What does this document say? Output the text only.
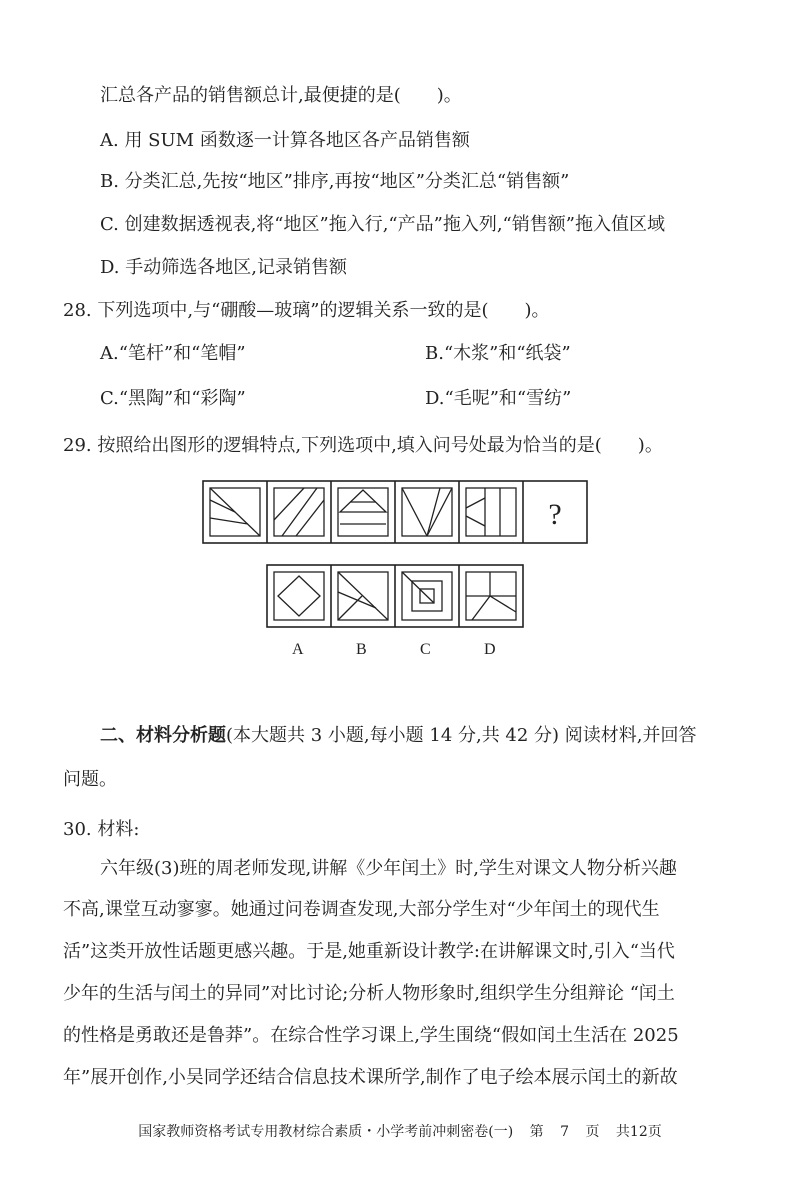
汇总各产品的销售额总计,最便捷的是(　　)。
A. 用 SUM 函数逐一计算各地区各产品销售额
B. 分类汇总,先按“地区”排序,再按“地区”分类汇总“销售额”
C. 创建数据透视表,将“地区”拖入行,“产品”拖入列,“销售额”拖入值区域
D. 手动筛选各地区,记录销售额
28. 下列选项中,与“硼酸—玻璃”的逻辑关系一致的是(　　)。
A.“笔杆”和“笔帽”	B.“木浆”和“纸袋”
C.“黑陶”和“彩陶”	D.“毛呢”和“雪纺”
29. 按照给出图形的逻辑特点,下列选项中,填入问号处最为恰当的是(　　)。
?
A	B	C	D
二、材料分析题(本大题共 3 小题,每小题 14 分,共 42 分) 阅读材料,并回答
问题。
30. 材料:
六年级(3)班的周老师发现,讲解《少年闰土》时,学生对课文人物分析兴趣
不高,课堂互动寥寥。她通过问卷调查发现,大部分学生对“少年闰土的现代生
活”这类开放性话题更感兴趣。于是,她重新设计教学:在讲解课文时,引入“当代
少年的生活与闰土的异同”对比讨论;分析人物形象时,组织学生分组辩论 “闰土
的性格是勇敢还是鲁莽”。在综合性学习课上,学生围绕“假如闰土生活在 2025
年”展开创作,小吴同学还结合信息技术课所学,制作了电子绘本展示闰土的新故
国家教师资格考试专用教材综合素质・小学考前冲刺密卷(一) 第 7 页 共12页
